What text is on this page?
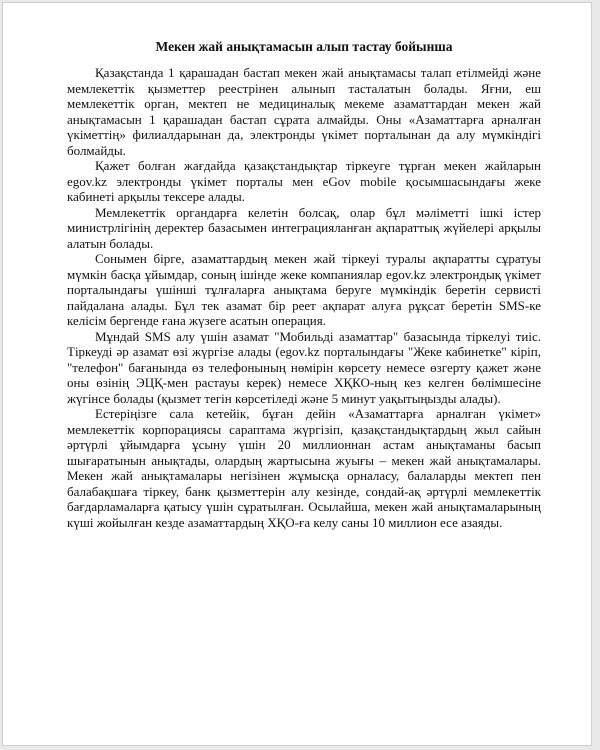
Мекен жай анықтамасын алып тастау бойынша

Қазақстанда 1 қарашадан бастап мекен жай анықтамасы талап етілмейді және мемлекеттік қызметтер реестрінен алынып тасталатын болады. Яғни, еш мемлекеттік орган, мектеп не медициналық мекеме азаматтардан мекен жай анықтамасын 1 қарашадан бастап сұрата алмайды. Оны «Азаматтарға арналған үкіметтің» филиалдарынан да, электронды үкімет порталынан да алу мүмкіндігі болмайды.

Қажет болған жағдайда қазақстандықтар тіркеуге тұрған мекен жайларын egov.kz электронды үкімет порталы мен eGov mobile қосымшасындағы жеке кабинеті арқылы тексере алады.

Мемлекеттік органдарға келетін болсақ, олар бұл мәліметті ішкі істер министрлігінің деректер базасымен интеграцияланған ақпараттық жүйелері арқылы алатын болады.

Сонымен бірге, азаматтардың мекен жай тіркеуі туралы ақпаратты сұратуы мүмкін басқа ұйымдар, соның ішінде жеке компаниялар egov.kz электрондық үкімет порталындағы үшінші тұлғаларға анықтама беруге мүмкіндік беретін сервисті пайдалана алады. Бұл тек азамат бір реет ақпарат алуға рұқсат беретін SMS-ке келісім бергенде ғана жүзеге асатын операция.

Мұндай SMS алу үшін азамат "Мобильді азаматтар" базасында тіркелуі тиіс. Тіркеуді әр азамат өзі жүргізе алады (egov.kz порталындағы "Жеке кабинетке" кіріп, "телефон" бағанында өз телефонының нөмірін көрсету немесе өзгерту қажет және оны өзінің ЭЦҚ-мен растауы керек) немесе ХҚКО-ның кез келген бөлімшесіне жүгінсе болады (қызмет тегін көрсетіледі және 5 минут уақытыңызды алады).

Естеріңізге сала кетейік, бұған дейін «Азаматтарға арналған үкімет» мемлекеттік корпорациясы сараптама жүргізіп, қазақстандықтардың жыл сайын әртүрлі ұйымдарға ұсыну үшін 20 миллионнан астам анықтаманы басып шығаратынын анықтады, олардың жартысына жуығы – мекен жай анықтамалары. Мекен жай анықтамалары негізінен жұмысқа орналасу, балаларды мектеп пен балабақшаға тіркеу, банк қызметтерін алу кезінде, сондай-ақ әртүрлі мемлекеттік бағдарламаларға қатысу үшін сұратылған. Осылайша, мекен жай анықтамаларының күші жойылған кезде азаматтардың ХҚО-ға келу саны 10 миллион есе азаяды.
